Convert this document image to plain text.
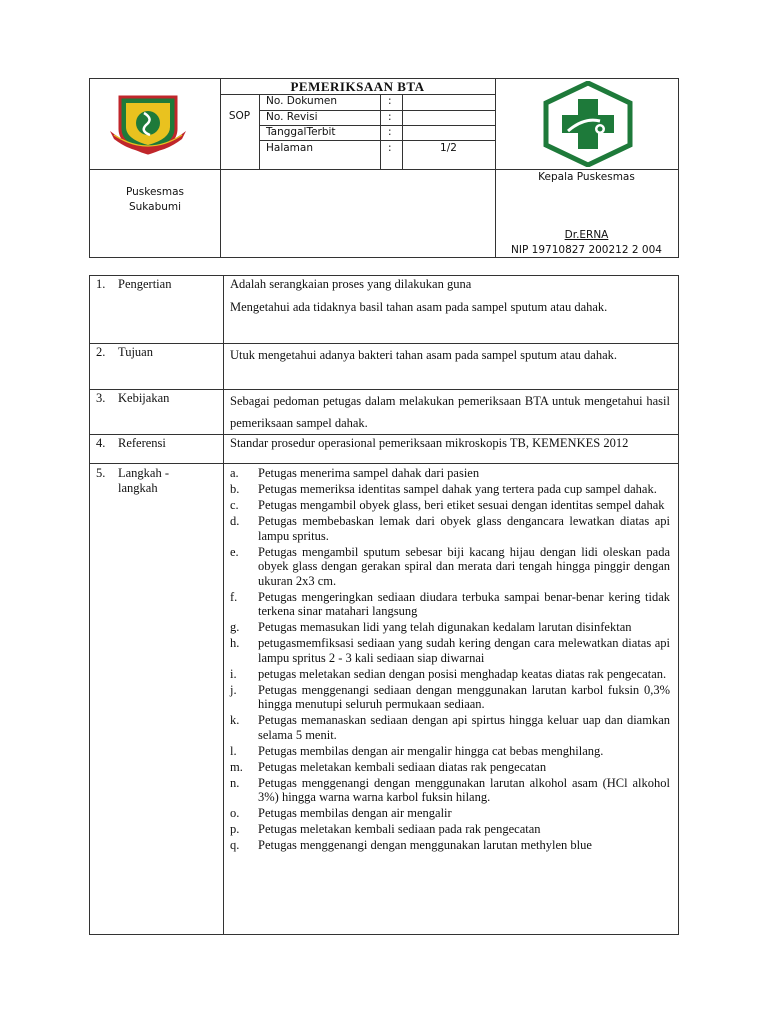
PEMERIKSAAN BTA
SOP
No. Dokumen	:
No. Revisi	:
TanggalTerbit	:
Halaman	:	1/2
Puskesmas
Sukabumi
Kepala Puskesmas
Dr.ERNA
NIP 19710827 200212 2 004
1. Pengertian	Adalah serangkaian proses yang dilakukan guna
Mengetahui ada tidaknya basil tahan asam pada sampel sputum atau dahak.
2. Tujuan	Utuk mengetahui adanya bakteri tahan asam pada sampel sputum atau dahak.
3. Kebijakan	Sebagai pedoman petugas dalam melakukan pemeriksaan BTA untuk mengetahui hasil pemeriksaan sampel dahak.
4. Referensi	Standar prosedur operasional pemeriksaan mikroskopis TB, KEMENKES 2012
5. Langkah -
langkah
a. Petugas menerima sampel dahak dari pasien
b. Petugas memeriksa identitas sampel dahak yang tertera pada cup sampel dahak.
c. Petugas mengambil obyek glass, beri etiket sesuai dengan identitas sempel dahak
d. Petugas membebaskan lemak dari obyek glass dengancara lewatkan diatas api lampu spritus.
e. Petugas mengambil sputum sebesar biji kacang hijau dengan lidi oleskan pada obyek glass dengan gerakan spiral dan merata dari tengah hingga pinggir dengan ukuran 2x3 cm.
f. Petugas mengeringkan sediaan diudara terbuka sampai benar-benar kering tidak terkena sinar matahari langsung
g. Petugas memasukan lidi yang telah digunakan kedalam larutan disinfektan
h. petugasmemfiksasi sediaan yang sudah kering dengan cara melewatkan diatas api lampu spritus 2 - 3 kali sediaan siap diwarnai
i. petugas meletakan sedian dengan posisi menghadap keatas diatas rak pengecatan.
j. Petugas menggenangi sediaan dengan menggunakan larutan karbol fuksin 0,3% hingga menutupi seluruh permukaan sediaan.
k. Petugas memanaskan sediaan dengan api spirtus hingga keluar uap dan diamkan selama 5 menit.
l. Petugas membilas dengan air mengalir hingga cat bebas menghilang.
m. Petugas meletakan kembali sediaan diatas rak pengecatan
n. Petugas menggenangi dengan menggunakan larutan alkohol asam (HCl alkohol 3%) hingga warna warna karbol fuksin hilang.
o. Petugas membilas dengan air mengalir
p. Petugas meletakan kembali sediaan pada rak pengecatan
q. Petugas menggenangi dengan menggunakan larutan methylen blue
